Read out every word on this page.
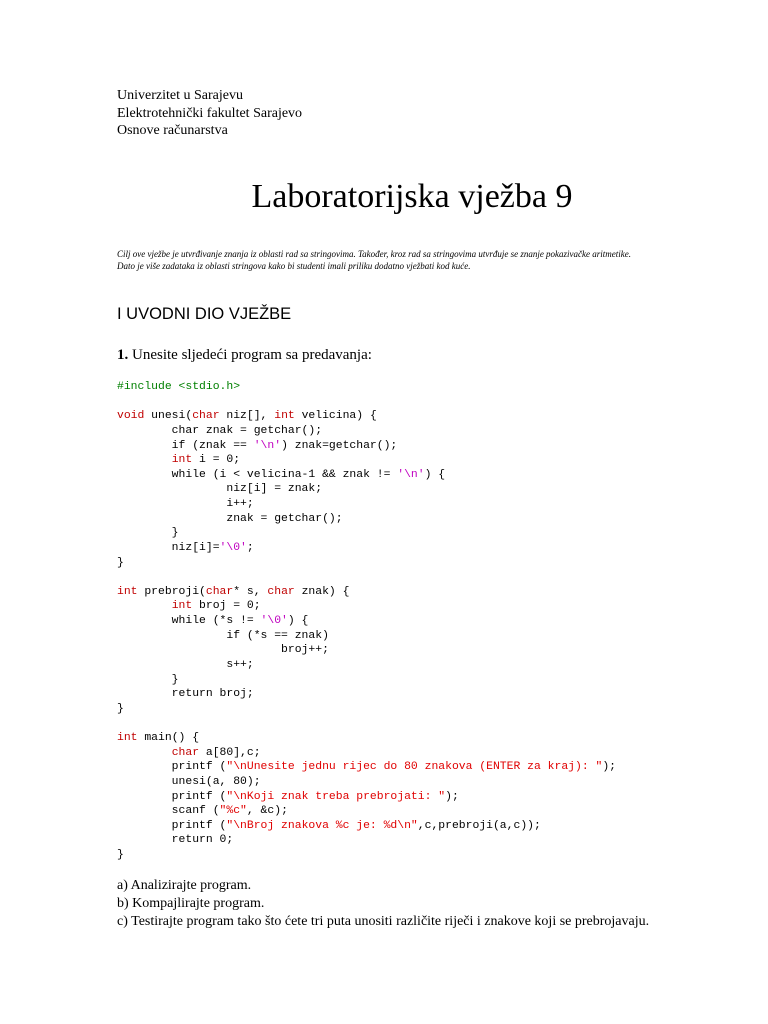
Univerzitet u Sarajevu
Elektrotehnički fakultet Sarajevo
Osnove računarstva
Laboratorijska vježba 9
Cilj ove vježbe je utvrđivanje znanja iz oblasti rad sa stringovima. Također, kroz rad sa stringovima utvrđuje se znanje pokazivačke aritmetike.
Dato je više zadataka iz oblasti stringova kako bi studenti imali priliku dodatno vježbati kod kuće.
I UVODNI DIO VJEŽBE
1. Unesite sljedeći program sa predavanja:
#include <stdio.h>
void unesi(char niz[], int velicina) {
char znak = getchar();
if (znak == '\n') znak=getchar();
int i = 0;
while (i < velicina-1 && znak != '\n') {
niz[i] = znak;
i++;
znak = getchar();
}
niz[i]='\0';
}
int prebroji(char* s, char znak) {
int broj = 0;
while (*s != '\0') {
if (*s == znak)
broj++;
s++;
}
return broj;
}
int main() {
char a[80],c;
printf ("\nUnesite jednu rijec do 80 znakova (ENTER za kraj): ");
unesi(a, 80);
printf ("\nKoji znak treba prebrojati: ");
scanf ("%c", &c);
printf ("\nBroj znakova %c je: %d\n",c,prebroji(a,c));
return 0;
}
a) Analizirajte program.
b) Kompajlirajte program.
c) Testirajte program tako što ćete tri puta unositi različite riječi i znakove koji se prebrojavaju.
